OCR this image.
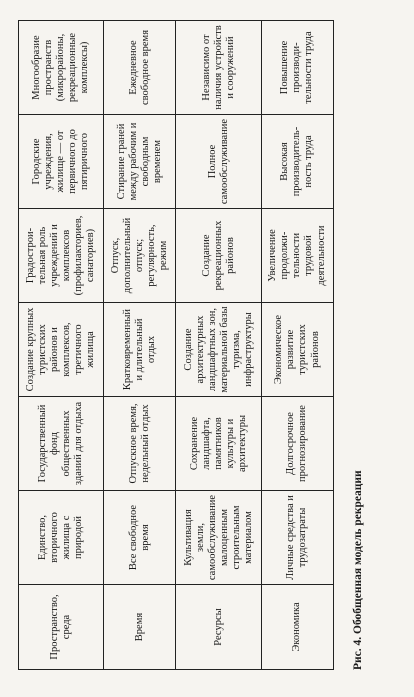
Пространство, среда	Единство, вторичного жилища с природой	Государственный фонд общественных зданий для отдыха	Создание крупных туристских районов и комплексов, третичного жилища	Градострои- тельная роль учреждений и комплексов (профилакториев, санаториев)	Городские учреждения, жилище — от первичного до пятиричного	Многообразие пространств (микрорайоны, рекреационные комплексы)
Время	Все свободное время	Отпускное время, недельный отдых	Кратковременный и длительный отдых	Отпуск, дополнительный отпуск; регулярность, режим	Стирание граней между рабочим и свободным временем	Ежедневное свободное время
Ресурсы	Культивация земли, самообслуживание малоценным строительным материалом	Сохранение ландшафта, памятников культуры и архитектуры	Создание архитектурных ландшафтных зон, материальной базы туризма, инфраструктуры	Создание рекреационных районов	Полное самообслуживание	Независимо от наличия устройств и сооружений
Экономика	Личные средства и трудозатраты	Долгосрочное прогнозирование	Экономическое развитие туристских районов	Увеличение продолжи- тельности трудовой деятельности	Высокая производитель- ность труда	Повышение производи- тельности труда
Рис. 4. Обобщенная модель рекреации
